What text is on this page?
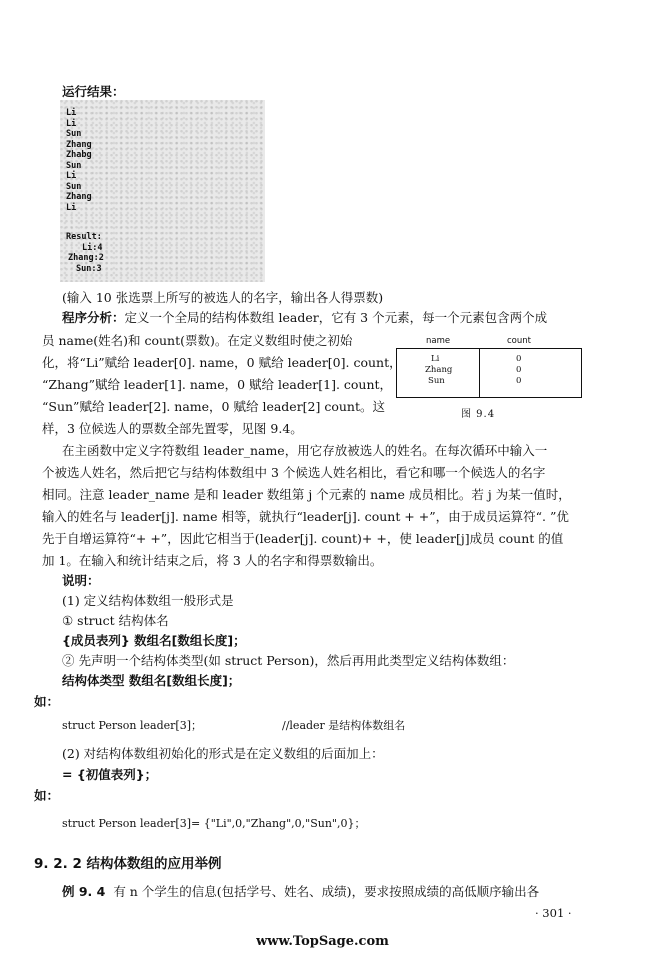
运行结果：
Li
Li
Sun
Zhang
Zhabg
Sun
Li
Sun
Zhang
Li
Result:
Li:4
Zhang:2
Sun:3
(输入 10 张选票上所写的被选人的名字，输出各人得票数)
程序分析：定义一个全局的结构体数组 leader，它有 3 个元素，每一个元素包含两个成
员 name(姓名)和 count(票数)。在定义数组时使之初始
化，将“Li”赋给 leader[0]. name，0 赋给 leader[0]. count，
“Zhang”赋给 leader[1]. name，0 赋给 leader[1]. count，
“Sun”赋给 leader[2]. name，0 赋给 leader[2] count。这
样，3 位候选人的票数全部先置零，见图 9.4。
name	count
Li
Zhang
Sun
0
0
0
图 9.4
在主函数中定义字符数组 leader_name，用它存放被选人的姓名。在每次循环中输入一
个被选人姓名，然后把它与结构体数组中 3 个候选人姓名相比，看它和哪一个候选人的名字
相同。注意 leader_name 是和 leader 数组第 j 个元素的 name 成员相比。若 j 为某一值时，
输入的姓名与 leader[j]. name 相等，就执行“leader[j]. count + +”，由于成员运算符“. ”优
先于自增运算符“+ +”，因此它相当于(leader[j]. count)+ +，使 leader[j]成员 count 的值
加 1。在输入和统计结束之后，将 3 人的名字和得票数输出。
说明：
(1) 定义结构体数组一般形式是
① struct 结构体名
{成员表列} 数组名[数组长度]；
② 先声明一个结构体类型(如 struct Person)，然后再用此类型定义结构体数组：
结构体类型 数组名[数组长度]；
如：
struct Person leader[3]；	//leader 是结构体数组名
(2) 对结构体数组初始化的形式是在定义数组的后面加上：
= {初值表列}；
如：
struct Person leader[3]= {"Li",0,"Zhang",0,"Sun",0}；
9. 2. 2 结构体数组的应用举例
例 9. 4 有 n 个学生的信息(包括学号、姓名、成绩)，要求按照成绩的高低顺序输出各
· 301 ·
www.TopSage.com
